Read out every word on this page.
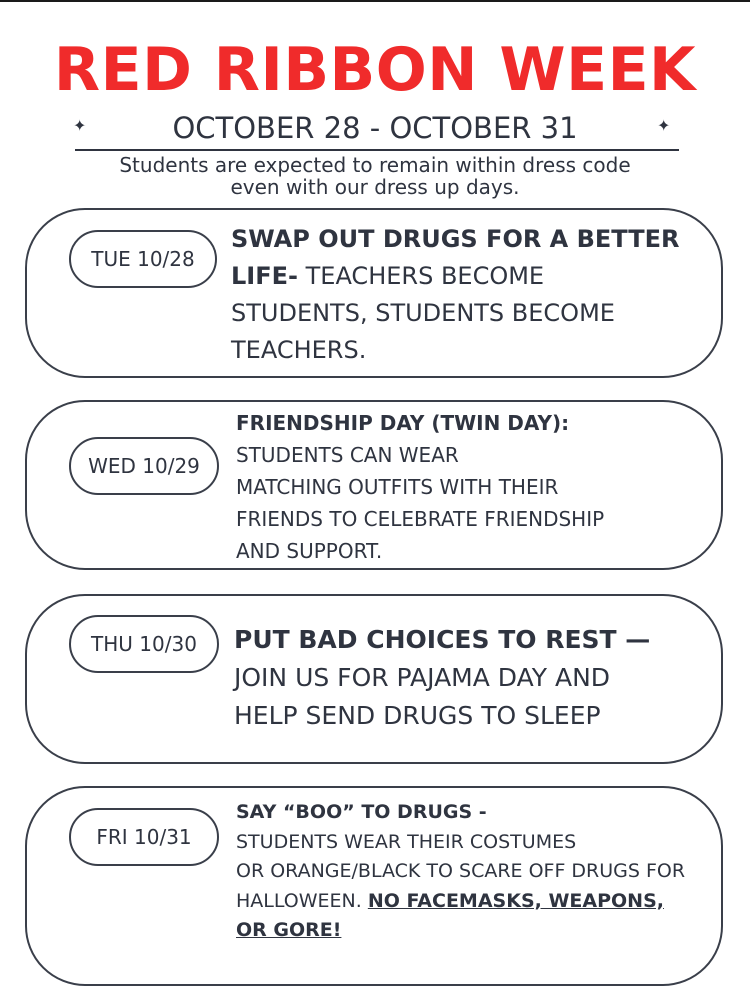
RED RIBBON WEEK
✦	OCTOBER 28 - OCTOBER 31	✦
Students are expected to remain within dress code
even with our dress up days.
TUE 10/28
SWAP OUT DRUGS FOR A BETTER
LIFE- TEACHERS BECOME
STUDENTS, STUDENTS BECOME
TEACHERS.
WED 10/29
FRIENDSHIP DAY (TWIN DAY):
STUDENTS CAN WEAR
MATCHING OUTFITS WITH THEIR
FRIENDS TO CELEBRATE FRIENDSHIP
AND SUPPORT.
THU 10/30	PUT BAD CHOICES TO REST —
JOIN US FOR PAJAMA DAY AND
HELP SEND DRUGS TO SLEEP
FRI 10/31
SAY “BOO” TO DRUGS -
STUDENTS WEAR THEIR COSTUMES
OR ORANGE/BLACK TO SCARE OFF DRUGS FOR
HALLOWEEN. NO FACEMASKS, WEAPONS,
OR GORE!
